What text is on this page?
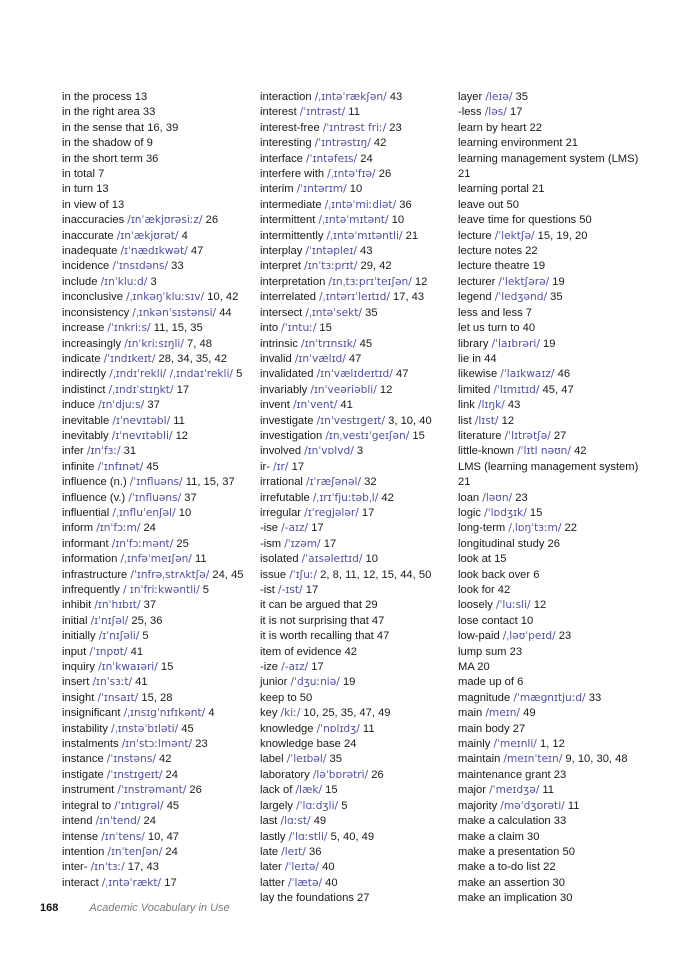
in the process 13
in the right area 33
in the sense that 16, 39
in the shadow of 9
in the short term 36
in total 7
in turn 13
in view of 13
inaccuracies /ɪnˈækjʊrəsiːz/ 26
inaccurate /ɪnˈækjʊrət/ 4
inadequate /ɪˈnædɪkwət/ 47
incidence /ˈɪnsɪdəns/ 33
include /ɪnˈkluːd/ 3
inconclusive /ˌɪnkəŋˈkluːsɪv/ 10, 42
inconsistency /ˌɪnkənˈsɪstənsi/ 44
increase /ˈɪnkriːs/ 11, 15, 35
increasingly /ɪnˈkriːsɪŋli/ 7, 48
indicate /ˈɪndɪkeɪt/ 28, 34, 35, 42
indirectly /ˌɪndɪˈrekli/ /ˌɪndaɪˈrekli/ 5
indistinct /ˌɪndɪˈstɪŋkt/ 17
induce /ɪnˈdjuːs/ 37
inevitable /ɪˈnevɪtəbl/ 11
inevitably /ɪˈnevɪtəbli/ 12
infer /ɪnˈfɜː/ 31
infinite /ˈɪnfɪnət/ 45
influence (n.) /ˈɪnfluəns/ 11, 15, 37
influence (v.) /ˈɪnfluəns/ 37
influential /ˌɪnfluˈenʃəl/ 10
inform /ɪnˈfɔːm/ 24
informant /ɪnˈfɔːmənt/ 25
information /ˌɪnfəˈmeɪʃən/ 11
infrastructure /ˈɪnfrəˌstrʌktʃə/ 24, 45
infrequently / ɪnˈfriːkwəntli/ 5
inhibit /ɪnˈhɪbɪt/ 37
initial /ɪˈnɪʃəl/ 25, 36
initially /ɪˈnɪʃəli/ 5
input /ˈɪnpʊt/ 41
inquiry /ɪnˈkwaɪəri/ 15
insert /ɪnˈsɜːt/ 41
insight /ˈɪnsaɪt/ 15, 28
insignificant /ˌɪnsɪgˈnɪfɪkənt/ 4
instability /ˌɪnstəˈbɪləti/ 45
instalments /ɪnˈstɔːlmənt/ 23
instance /ˈɪnstəns/ 42
instigate /ˈɪnstɪgeɪt/ 24
instrument /ˈɪnstrəmənt/ 26
integral to /ˈɪntɪgrəl/ 45
intend /ɪnˈtend/ 24
intense /ɪnˈtens/ 10, 47
intention /ɪnˈtenʃən/ 24
inter- /ɪnˈtɜː/ 17, 43
interact /ˌɪntəˈrækt/ 17
interaction /ˌɪntəˈrækʃən/ 43
interest /ˈɪntrəst/ 11
interest-free /ˈɪntrəst friː/ 23
interesting /ˈɪntrəstɪŋ/ 42
interface /ˈɪntəfeɪs/ 24
interfere with /ˌɪntəˈfɪə/ 26
interim /ˈɪntərɪm/ 10
intermediate /ˌɪntəˈmiːdiət/ 36
intermittent /ˌɪntəˈmɪtənt/ 10
intermittently /ˌɪntəˈmɪtəntli/ 21
interplay /ˈɪntəpleɪ/ 43
interpret /ɪnˈtɜːprɪt/ 29, 42
interpretation /ɪnˌtɜːprɪˈteɪʃən/ 12
interrelated /ˌɪntərɪˈleɪtɪd/ 17, 43
intersect /ˌɪntəˈsekt/ 35
into /ˈɪntuː/ 15
intrinsic /ɪnˈtrɪnsɪk/ 45
invalid /ɪnˈvælɪd/ 47
invalidated /ɪnˈvælɪdeɪtɪd/ 47
invariably /ɪnˈveəriəbli/ 12
invent /ɪnˈvent/ 41
investigate /ɪnˈvestɪgeɪt/ 3, 10, 40
investigation /ɪnˌvestɪˈgeɪʃən/ 15
involved /ɪnˈvɒlvd/ 3
ir- /ɪr/ 17
irrational /ɪˈræʃənəl/ 32
irrefutable /ˌɪrɪˈfjuːtəbˌl/ 42
irregular /ɪˈregjələr/ 17
-ise /-aɪz/ 17
-ism /ˈɪzəm/ 17
isolated /ˈaɪsəleɪtɪd/ 10
issue /ˈɪʃuː/ 2, 8, 11, 12, 15, 44, 50
-ist /-ɪst/ 17
it can be argued that 29
it is not surprising that 47
it is worth recalling that 47
item of evidence 42
-ize /-aɪz/ 17
junior /ˈdʒuːniə/ 19
keep to 50
key /kiː/ 10, 25, 35, 47, 49
knowledge /ˈnɒlɪdʒ/ 11
knowledge base 24
label /ˈleɪbəl/ 35
laboratory /ləˈbɒrətri/ 26
lack of /læk/ 15
largely /ˈlɑːdʒli/ 5
last /lɑːst/ 49
lastly /ˈlɑːstli/ 5, 40, 49
late /leɪt/ 36
later /ˈleɪtə/ 40
latter /ˈlætə/ 40
lay the foundations 27
layer /leɪə/ 35
-less /ləs/ 17
learn by heart 22
learning environment 21
learning management system (LMS) 21
learning portal 21
leave out 50
leave time for questions 50
lecture /ˈlektʃə/ 15, 19, 20
lecture notes 22
lecture theatre 19
lecturer /ˈlektʃərə/ 19
legend /ˈledʒənd/ 35
less and less 7
let us turn to 40
library /ˈlaɪbrəri/ 19
lie in 44
likewise /ˈlaɪkwaɪz/ 46
limited /ˈlɪmɪtɪd/ 45, 47
link /lɪŋk/ 43
list /lɪst/ 12
literature /ˈlɪtrətʃə/ 27
little-known /ˈlɪtl nəʊn/ 42
LMS (learning management system) 21
loan /ləʊn/ 23
logic /ˈlɒdʒɪk/ 15
long-term /ˌlɒŋˈtɜːm/ 22
longitudinal study 26
look at 15
look back over 6
look for 42
loosely /ˈluːsli/ 12
lose contact 10
low-paid /ˌləʊˈpeɪd/ 23
lump sum 23
MA 20
made up of 6
magnitude /ˈmægnɪtjuːd/ 33
main /meɪn/ 49
main body 27
mainly /ˈmeɪnli/ 1, 12
maintain /meɪnˈteɪn/ 9, 10, 30, 48
maintenance grant 23
major /ˈmeɪdʒə/ 11
majority /məˈdʒɒrəti/ 11
make a calculation 33
make a claim 30
make a presentation 50
make a to-do list 22
make an assertion 30
make an implication 30
168	Academic Vocabulary in Use
